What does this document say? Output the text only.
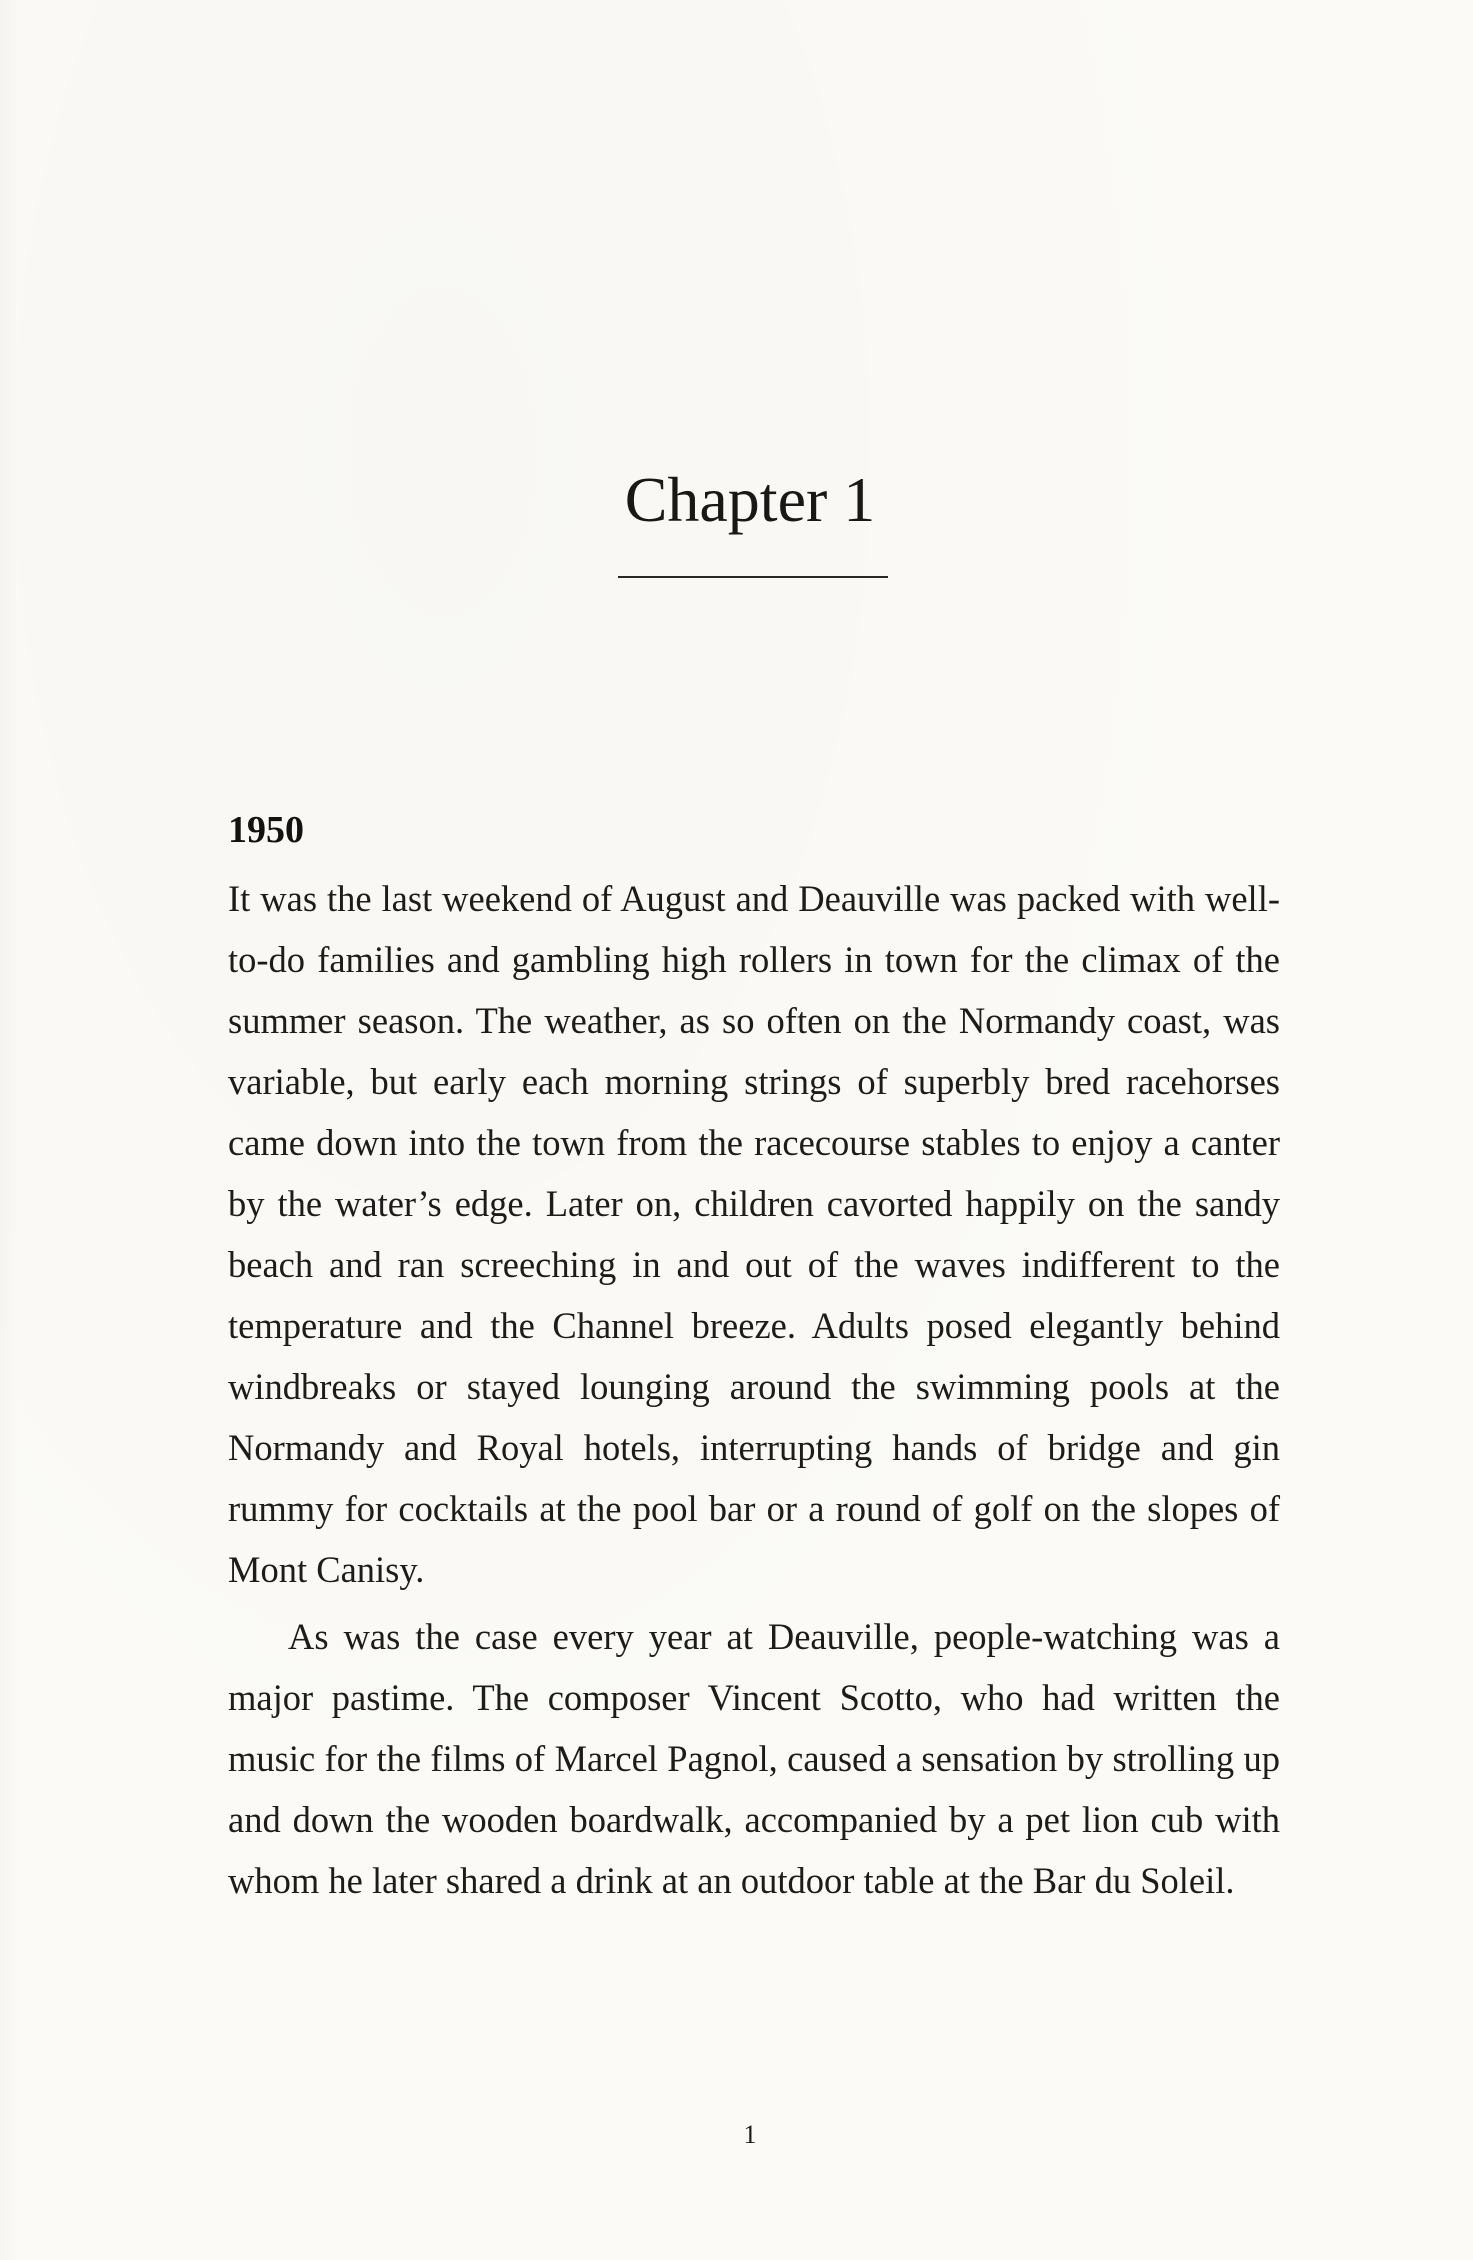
Chapter 1
1950

It was the last weekend of August and Deauville was packed with well-to-do families and gambling high rollers in town for the climax of the summer season. The weather, as so often on the Normandy coast, was variable, but early each morning strings of superbly bred racehorses came down into the town from the racecourse stables to enjoy a canter by the water’s edge. Later on, children cavorted happily on the sandy beach and ran screeching in and out of the waves indifferent to the temperature and the Channel breeze. Adults posed elegantly behind windbreaks or stayed lounging around the swimming pools at the Normandy and Royal hotels, interrupting hands of bridge and gin rummy for cocktails at the pool bar or a round of golf on the slopes of Mont Canisy.

As was the case every year at Deauville, people-watching was a major pastime. The composer Vincent Scotto, who had written the music for the films of Marcel Pagnol, caused a sensation by strolling up and down the wooden boardwalk, accompanied by a pet lion cub with whom he later shared a drink at an outdoor table at the Bar du Soleil.

1
